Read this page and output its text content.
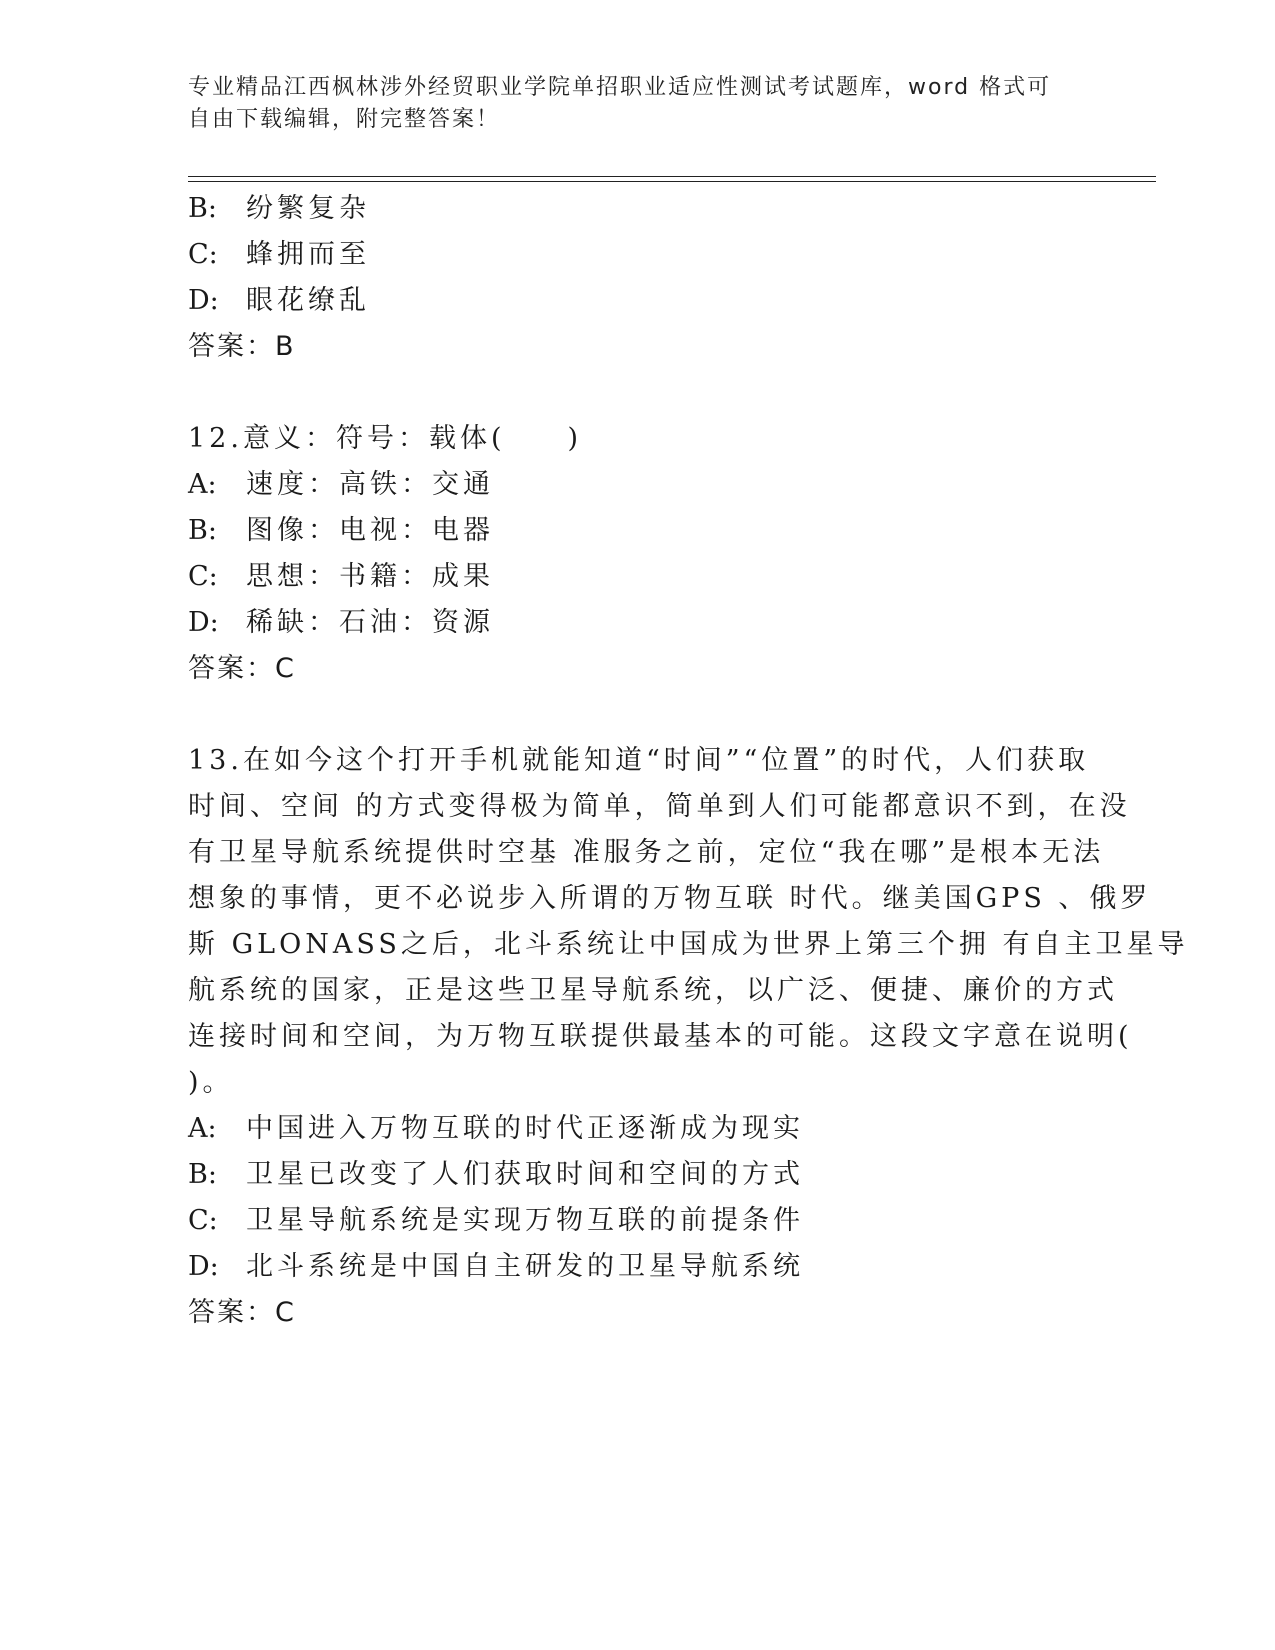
专业精品江西枫林涉外经贸职业学院单招职业适应性测试考试题库，word 格式可
自由下载编辑，附完整答案！
B: 纷繁复杂
C: 蜂拥而至
D: 眼花缭乱
答案：B
12.意义：符号：载体(　　)
A: 速度：高铁：交通
B: 图像：电视：电器
C: 思想：书籍：成果
D: 稀缺：石油：资源
答案：C
13.在如今这个打开手机就能知道“时间”“位置”的时代，人们获取
时间、空间 的方式变得极为简单，简单到人们可能都意识不到，在没
有卫星导航系统提供时空基 准服务之前，定位“我在哪”是根本无法
想象的事情，更不必说步入所谓的万物互联 时代。继美国GPS 、俄罗
斯 GLONASS之后，北斗系统让中国成为世界上第三个拥 有自主卫星导
航系统的国家，正是这些卫星导航系统，以广泛、便捷、廉价的方式
连接时间和空间，为万物互联提供最基本的可能。这段文字意在说明(
)。
A: 中国进入万物互联的时代正逐渐成为现实
B: 卫星已改变了人们获取时间和空间的方式
C: 卫星导航系统是实现万物互联的前提条件
D: 北斗系统是中国自主研发的卫星导航系统
答案：C
